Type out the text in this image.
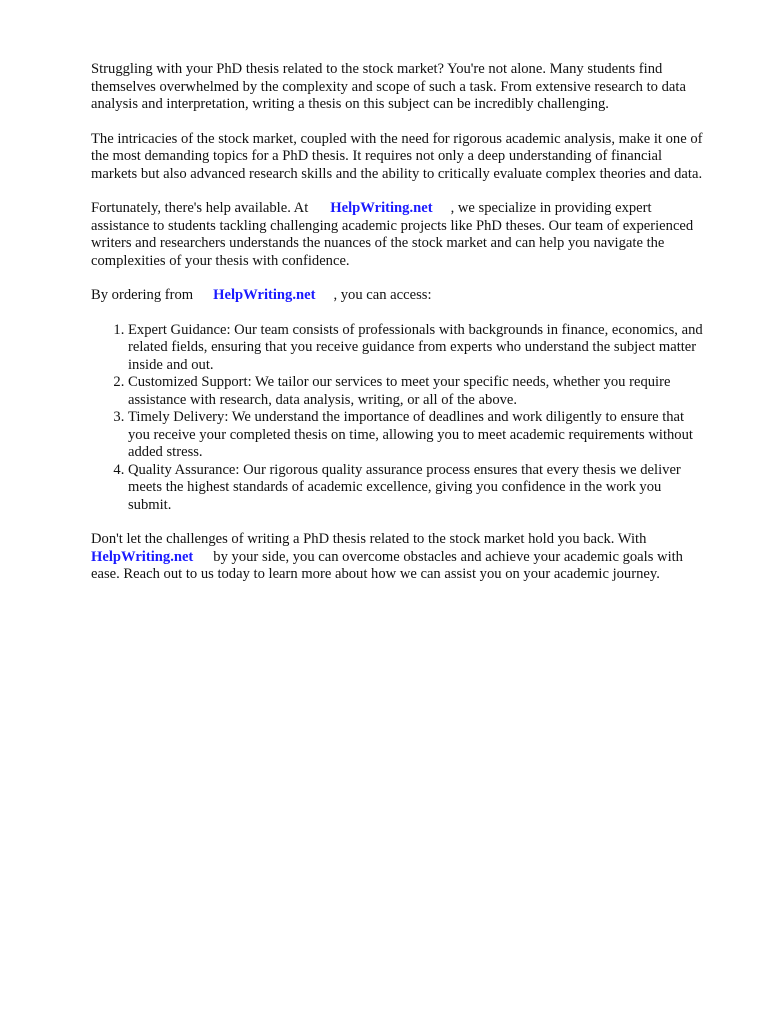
Struggling with your PhD thesis related to the stock market? You're not alone. Many students find themselves overwhelmed by the complexity and scope of such a task. From extensive research to data analysis and interpretation, writing a thesis on this subject can be incredibly challenging.

The intricacies of the stock market, coupled with the need for rigorous academic analysis, make it one of the most demanding topics for a PhD thesis. It requires not only a deep understanding of financial markets but also advanced research skills and the ability to critically evaluate complex theories and data.

Fortunately, there's help available. At HelpWriting.net , we specialize in providing expert assistance to students tackling challenging academic projects like PhD theses. Our team of experienced writers and researchers understands the nuances of the stock market and can help you navigate the complexities of your thesis with confidence.

By ordering from HelpWriting.net , you can access:

1. Expert Guidance: Our team consists of professionals with backgrounds in finance, economics, and related fields, ensuring that you receive guidance from experts who understand the subject matter inside and out.
2. Customized Support: We tailor our services to meet your specific needs, whether you require assistance with research, data analysis, writing, or all of the above.
3. Timely Delivery: We understand the importance of deadlines and work diligently to ensure that you receive your completed thesis on time, allowing you to meet academic requirements without added stress.
4. Quality Assurance: Our rigorous quality assurance process ensures that every thesis we deliver meets the highest standards of academic excellence, giving you confidence in the work you submit.

Don't let the challenges of writing a PhD thesis related to the stock market hold you back. With HelpWriting.net by your side, you can overcome obstacles and achieve your academic goals with ease. Reach out to us today to learn more about how we can assist you on your academic journey.
